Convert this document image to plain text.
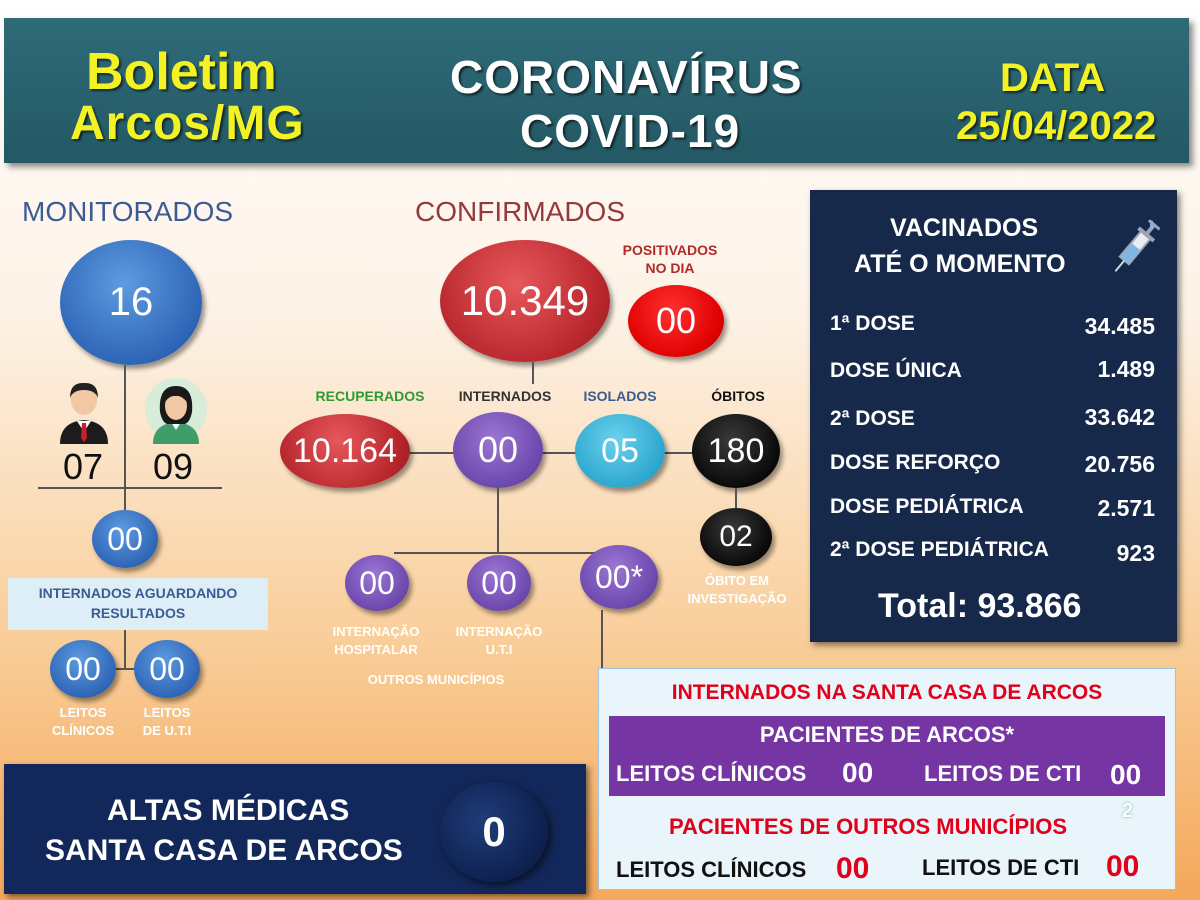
Boletim
Arcos/MG
CORONAVÍRUS
COVID-19
DATA
25/04/2022
MONITORADOS
16
07 09
00
INTERNADOS AGUARDANDO
RESULTADOS
00 00
LEITOS
CLÍNICOS
LEITOS
DE U.T.I
CONFIRMADOS
10.349
POSITIVADOS
NO DIA
00
RECUPERADOS	INTERNADOS	ISOLADOS	ÓBITOS
10.164 00 05 180
02
ÓBITO EM
INVESTIGAÇÃO
00	00 00*
INTERNAÇÃO
HOSPITALAR
INTERNAÇÃO
U.T.I
OUTROS MUNICÍPIOS
VACINADOS
ATÉ O MOMENTO
1ª DOSE	34.485
DOSE ÚNICA	1.489
2ª DOSE	33.642
DOSE REFORÇO	20.756
DOSE PEDIÁTRICA	2.571
2ª DOSE PEDIÁTRICA	923
Total: 93.866
ALTAS MÉDICAS
SANTA CASA DE ARCOS 0
INTERNADOS NA SANTA CASA DE ARCOS
PACIENTES DE ARCOS*
LEITOS CLÍNICOS 00 LEITOS DE CTI 00
PACIENTES DE OUTROS MUNICÍPIOS
2
LEITOS CLÍNICOS 00 LEITOS DE CTI 00
